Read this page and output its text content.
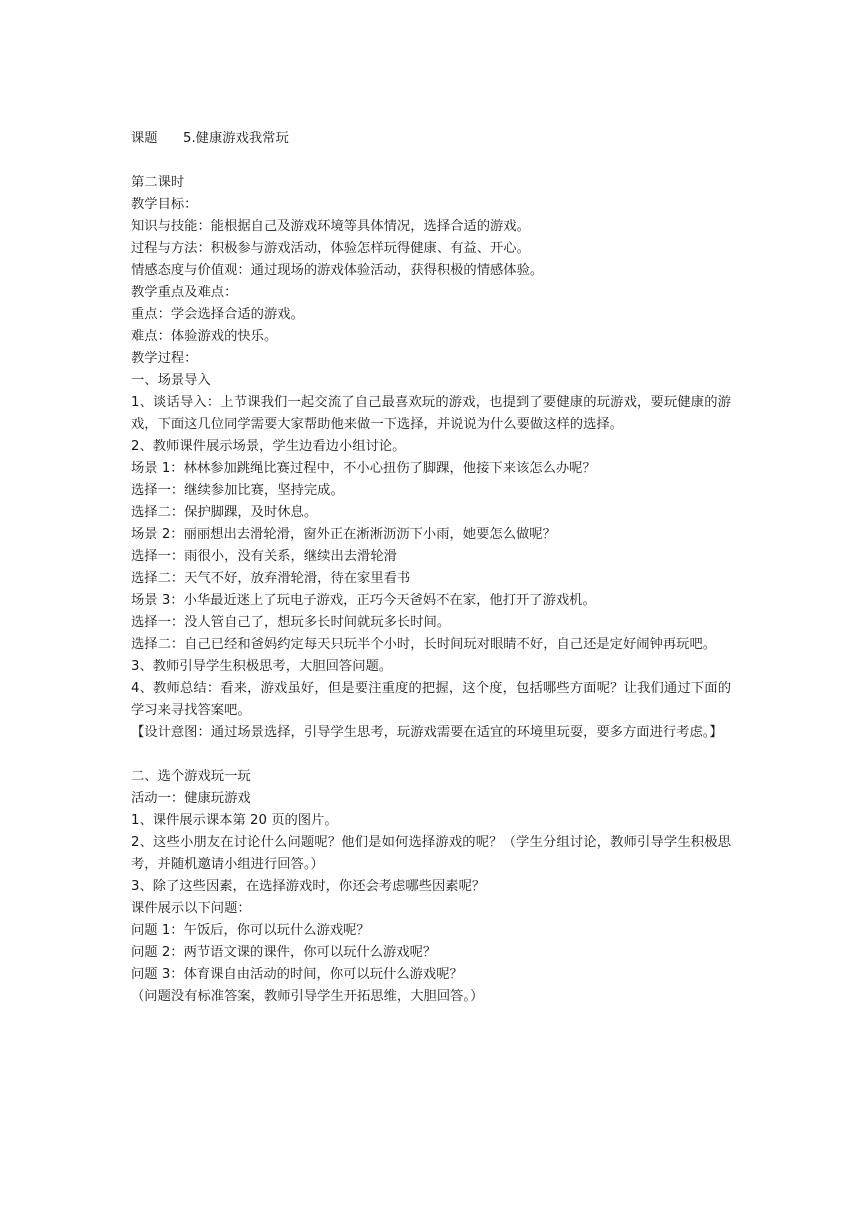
课题	5.健康游戏我常玩

第二课时

教学目标：

知识与技能：能根据自己及游戏环境等具体情况，选择合适的游戏。

过程与方法：积极参与游戏活动，体验怎样玩得健康、有益、开心。

情感态度与价值观：通过现场的游戏体验活动，获得积极的情感体验。

教学重点及难点：

重点：学会选择合适的游戏。

难点：体验游戏的快乐。

教学过程：

一、场景导入

1、谈话导入：上节课我们一起交流了自己最喜欢玩的游戏，也提到了要健康的玩游戏，要玩健康的游戏，下面这几位同学需要大家帮助他来做一下选择，并说说为什么要做这样的选择。

2、教师课件展示场景，学生边看边小组讨论。

场景 1：林林参加跳绳比赛过程中，不小心扭伤了脚踝，他接下来该怎么办呢？

选择一：继续参加比赛，坚持完成。

选择二：保护脚踝，及时休息。

场景 2：丽丽想出去滑轮滑，窗外正在淅淅沥沥下小雨，她要怎么做呢？

选择一：雨很小，没有关系，继续出去滑轮滑

选择二：天气不好，放弃滑轮滑，待在家里看书

场景 3：小华最近迷上了玩电子游戏，正巧今天爸妈不在家，他打开了游戏机。

选择一：没人管自己了，想玩多长时间就玩多长时间。

选择二：自己已经和爸妈约定每天只玩半个小时，长时间玩对眼睛不好，自己还是定好闹钟再玩吧。

3、教师引导学生积极思考，大胆回答问题。

4、教师总结：看来，游戏虽好，但是要注重度的把握，这个度，包括哪些方面呢？让我们通过下面的学习来寻找答案吧。

【设计意图：通过场景选择，引导学生思考，玩游戏需要在适宜的环境里玩耍，要多方面进行考虑。】

二、选个游戏玩一玩

活动一：健康玩游戏

1、课件展示课本第 20 页的图片。

2、这些小朋友在讨论什么问题呢？他们是如何选择游戏的呢？（学生分组讨论，教师引导学生积极思考，并随机邀请小组进行回答。）

3、除了这些因素，在选择游戏时，你还会考虑哪些因素呢？

课件展示以下问题：

问题 1：午饭后，你可以玩什么游戏呢？

问题 2：两节语文课的课件，你可以玩什么游戏呢？

问题 3：体育课自由活动的时间，你可以玩什么游戏呢？

（问题没有标准答案，教师引导学生开拓思维，大胆回答。）
